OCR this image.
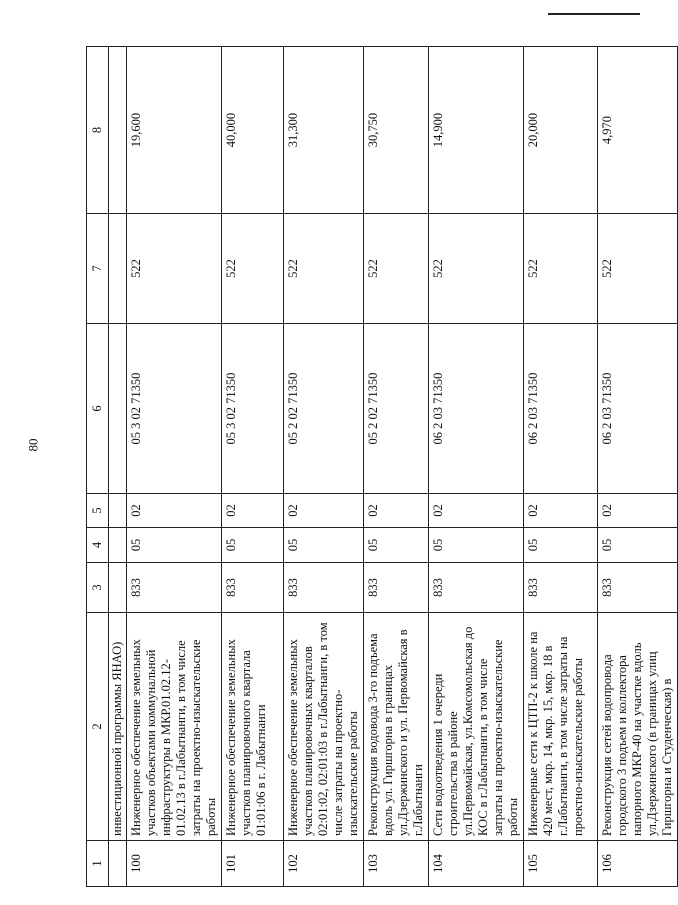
80
1	2	3	4	5	6	7	8
	инвестиционной программы ЯНАО)						
100	Инженерное обеспечение земельных участков объектами коммунальной инфраструктуры в МКР.01.02.12-01.02.13 в г.Лабытнанги, в том числе затраты на проектно-изыскательские работы	833	05	02	05 3 02 71350	522	19,600
101	Инженерное обеспечение земельных участков планировочного квартала 01:01:06 в г. Лабытнанги	833	05	02	05 3 02 71350	522	40,000
102	Инженерное обеспечение земельных участков планировочных кварталов 02:01:02, 02:01:03 в г.Лабытнанги, в том числе затраты на проектно-изыскательские работы	833	05	02	05 2 02 71350	522	31,300
103	Реконструкция водовода 3-го подъема вдоль ул. Гиршгорна в границах ул.Дзержинского и ул. Первомайская в г.Лабытнанги	833	05	02	05 2 02 71350	522	30,750
104	Сети водоотведения 1 очереди строительства в районе ул.Первомайская, ул.Комсомольская до КОС в г.Лабытнанги, в том числе затраты на проектно-изыскательские работы	833	05	02	06 2 03 71350	522	14,900
105	Инженерные сети к ЦТП-2 к школе на 420 мест, мкр. 14, мкр. 15, мкр. 18 в г.Лабытнанги, в том числе затраты на проектно-изыскательские работы	833	05	02	06 2 03 71350	522	20,000
106	Реконструкция сетей водопровода городского 3 подъем и коллектора напорного МКР-40 на участке вдоль ул.Дзержинского (в границах улиц Гиршгорна и Студенческая) в	833	05	02	06 2 03 71350	522	4,970
